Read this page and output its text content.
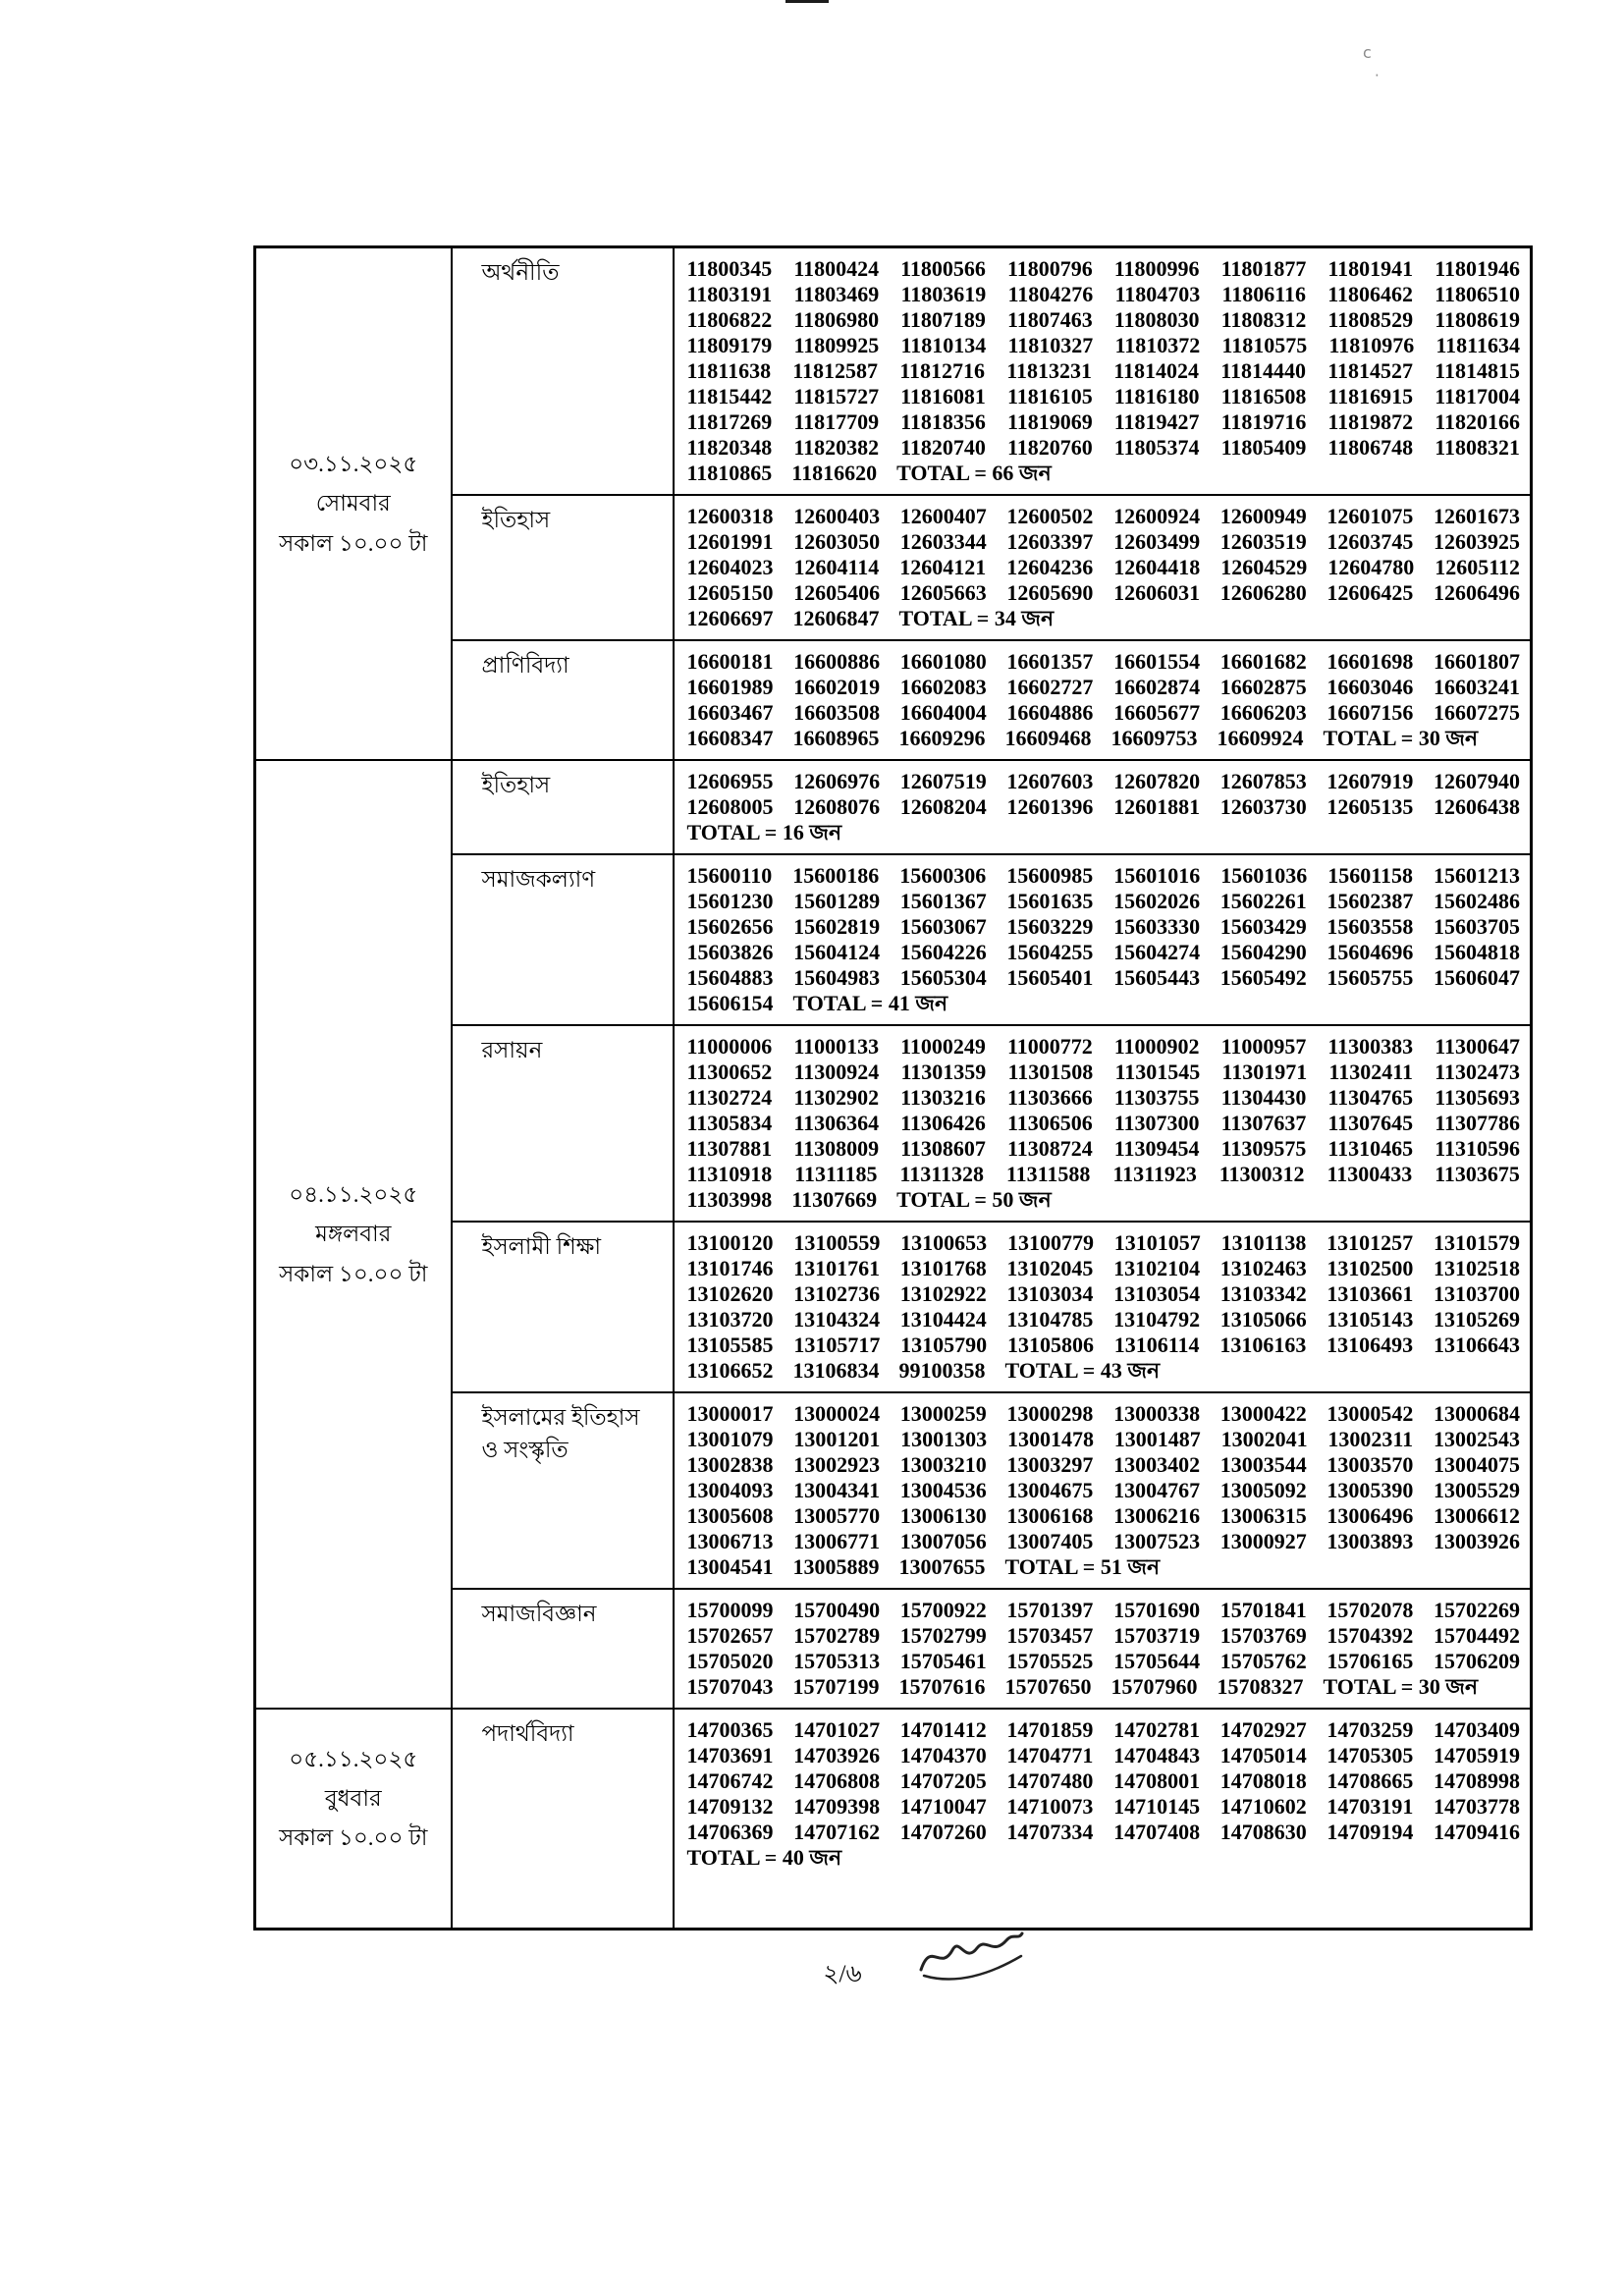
c
·
০৩.১১.২০২৫
সোমবার
সকাল ১০.০০ টা
	অর্থনীতি	11800345 11800424 11800566 11800796 11800996 11801877 11801941 11801946
11803191 11803469 11803619 11804276 11804703 11806116 11806462 11806510
11806822 11806980 11807189 11807463 11808030 11808312 11808529 11808619
11809179 11809925 11810134 11810327 11810372 11810575 11810976 11811634
11811638 11812587 11812716 11813231 11814024 11814440 11814527 11814815
11815442 11815727 11816081 11816105 11816180 11816508 11816915 11817004
11817269 11817709 11818356 11819069 11819427 11819716 11819872 11820166
11820348 11820382 11820740 11820760 11805374 11805409 11806748 11808321
11810865 11816620 TOTAL = 66 জন

ইতিহাস	12600318 12600403 12600407 12600502 12600924 12600949 12601075 12601673
12601991 12603050 12603344 12603397 12603499 12603519 12603745 12603925
12604023 12604114 12604121 12604236 12604418 12604529 12604780 12605112
12605150 12605406 12605663 12605690 12606031 12606280 12606425 12606496
12606697 12606847 TOTAL = 34 জন

প্রাণিবিদ্যা	16600181 16600886 16601080 16601357 16601554 16601682 16601698 16601807
16601989 16602019 16602083 16602727 16602874 16602875 16603046 16603241
16603467 16603508 16604004 16604886 16605677 16606203 16607156 16607275
16608347 16608965 16609296 16609468 16609753 16609924 TOTAL = 30 জন

০৪.১১.২০২৫
মঙ্গলবার
সকাল ১০.০০ টা
	ইতিহাস	12606955 12606976 12607519 12607603 12607820 12607853 12607919 12607940
12608005 12608076 12608204 12601396 12601881 12603730 12605135 12606438
TOTAL = 16 জন

সমাজকল্যাণ	15600110 15600186 15600306 15600985 15601016 15601036 15601158 15601213
15601230 15601289 15601367 15601635 15602026 15602261 15602387 15602486
15602656 15602819 15603067 15603229 15603330 15603429 15603558 15603705
15603826 15604124 15604226 15604255 15604274 15604290 15604696 15604818
15604883 15604983 15605304 15605401 15605443 15605492 15605755 15606047
15606154 TOTAL = 41 জন

রসায়ন	11000006 11000133 11000249 11000772 11000902 11000957 11300383 11300647
11300652 11300924 11301359 11301508 11301545 11301971 11302411 11302473
11302724 11302902 11303216 11303666 11303755 11304430 11304765 11305693
11305834 11306364 11306426 11306506 11307300 11307637 11307645 11307786
11307881 11308009 11308607 11308724 11309454 11309575 11310465 11310596
11310918 11311185 11311328 11311588 11311923 11300312 11300433 11303675
11303998 11307669 TOTAL = 50 জন

ইসলামী শিক্ষা	13100120 13100559 13100653 13100779 13101057 13101138 13101257 13101579
13101746 13101761 13101768 13102045 13102104 13102463 13102500 13102518
13102620 13102736 13102922 13103034 13103054 13103342 13103661 13103700
13103720 13104324 13104424 13104785 13104792 13105066 13105143 13105269
13105585 13105717 13105790 13105806 13106114 13106163 13106493 13106643
13106652 13106834 99100358 TOTAL = 43 জন

ইসলামের ইতিহাস ও সংস্কৃতি	
13000017 13000024 13000259 13000298 13000338 13000422 13000542 13000684
13001079 13001201 13001303 13001478 13001487 13002041 13002311 13002543
13002838 13002923 13003210 13003297 13003402 13003544 13003570 13004075
13004093 13004341 13004536 13004675 13004767 13005092 13005390 13005529
13005608 13005770 13006130 13006168 13006216 13006315 13006496 13006612
13006713 13006771 13007056 13007405 13007523 13000927 13003893 13003926
13004541 13005889 13007655 TOTAL = 51 জন

সমাজবিজ্ঞান	15700099 15700490 15700922 15701397 15701690 15701841 15702078 15702269
15702657 15702789 15702799 15703457 15703719 15703769 15704392 15704492
15705020 15705313 15705461 15705525 15705644 15705762 15706165 15706209
15707043 15707199 15707616 15707650 15707960 15708327 TOTAL = 30 জন

০৫.১১.২০২৫
বুধবার
সকাল ১০.০০ টা
	পদার্থবিদ্যা	14700365 14701027 14701412 14701859 14702781 14702927 14703259 14703409
14703691 14703926 14704370 14704771 14704843 14705014 14705305 14705919
14706742 14706808 14707205 14707480 14708001 14708018 14708665 14708998
14709132 14709398 14710047 14710073 14710145 14710602 14703191 14703778
14706369 14707162 14707260 14707334 14707408 14708630 14709194 14709416
TOTAL = 40 জন
২/৬
